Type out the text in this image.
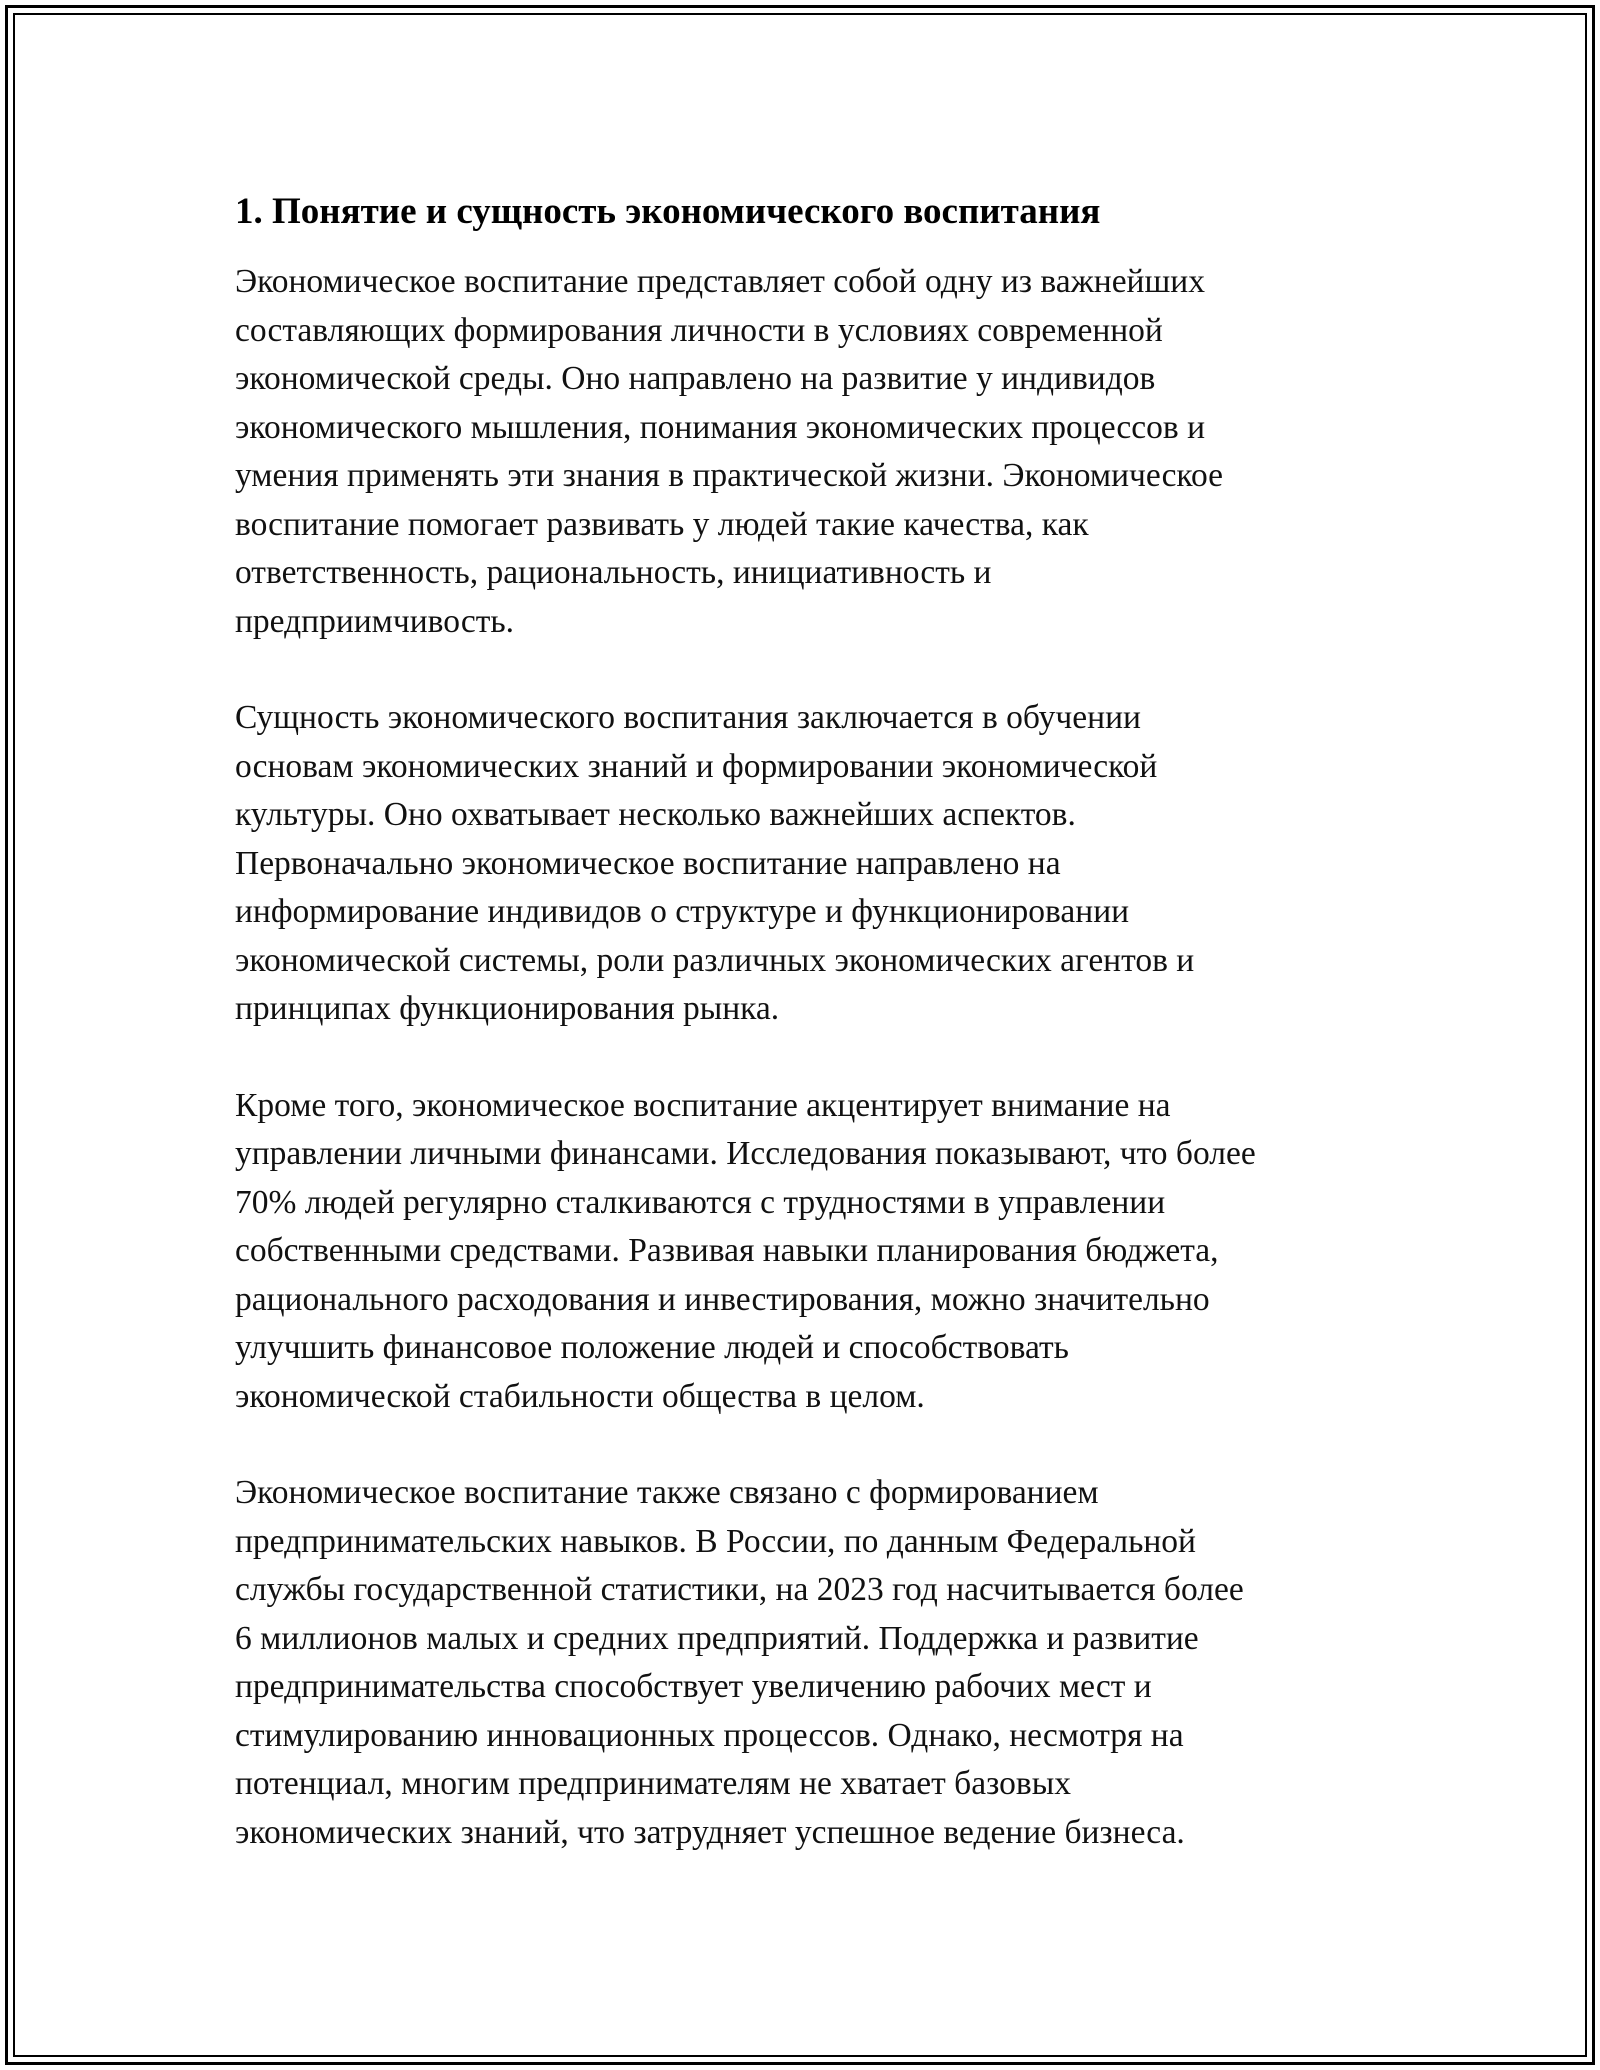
1. Понятие и сущность экономического воспитания

Экономическое воспитание представляет собой одну из важнейших
составляющих формирования личности в условиях современной
экономической среды. Оно направлено на развитие у индивидов
экономического мышления, понимания экономических процессов и
умения применять эти знания в практической жизни. Экономическое
воспитание помогает развивать у людей такие качества, как
ответственность, рациональность, инициативность и
предприимчивость.

Сущность экономического воспитания заключается в обучении
основам экономических знаний и формировании экономической
культуры. Оно охватывает несколько важнейших аспектов.
Первоначально экономическое воспитание направлено на
информирование индивидов о структуре и функционировании
экономической системы, роли различных экономических агентов и
принципах функционирования рынка.

Кроме того, экономическое воспитание акцентирует внимание на
управлении личными финансами. Исследования показывают, что более
70% людей регулярно сталкиваются с трудностями в управлении
собственными средствами. Развивая навыки планирования бюджета,
рационального расходования и инвестирования, можно значительно
улучшить финансовое положение людей и способствовать
экономической стабильности общества в целом.

Экономическое воспитание также связано с формированием
предпринимательских навыков. В России, по данным Федеральной
службы государственной статистики, на 2023 год насчитывается более
6 миллионов малых и средних предприятий. Поддержка и развитие
предпринимательства способствует увеличению рабочих мест и
стимулированию инновационных процессов. Однако, несмотря на
потенциал, многим предпринимателям не хватает базовых
экономических знаний, что затрудняет успешное ведение бизнеса.
